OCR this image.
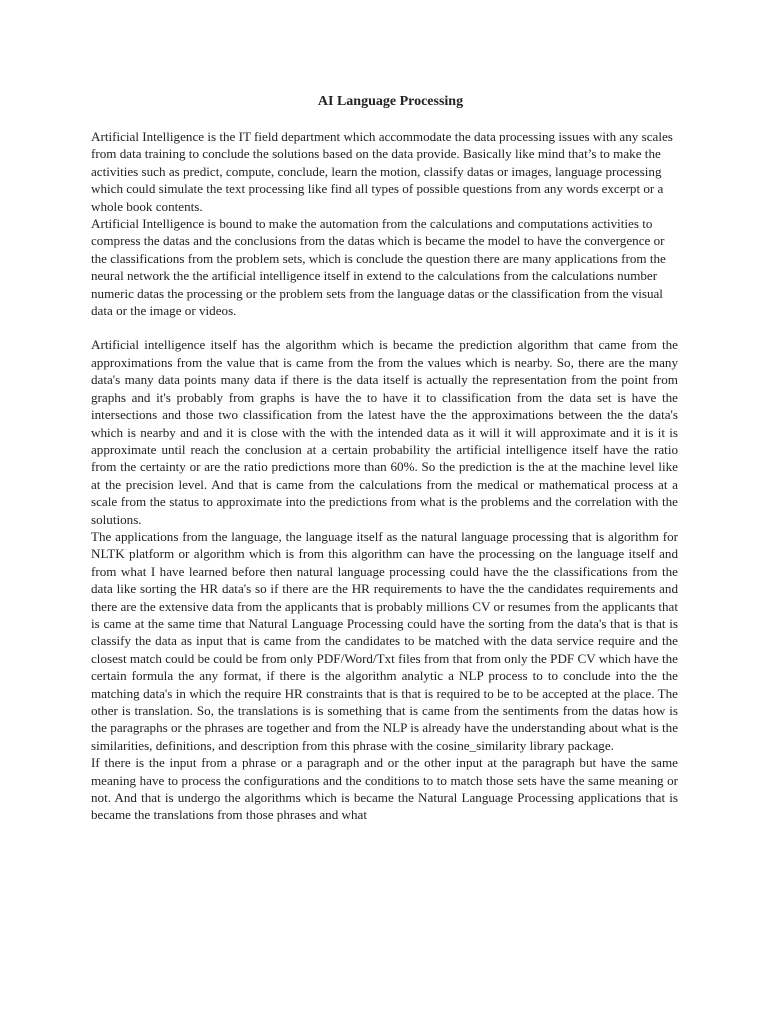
AI Language Processing

Artificial Intelligence is the IT field department which accommodate the data processing issues with any scales from data training to conclude the solutions based on the data provide. Basically like mind that’s to make the activities such as predict, compute, conclude, learn the motion, classify datas or images, language processing which could simulate the text processing like find all types of possible questions from any words excerpt or a whole book contents.

Artificial Intelligence is bound to make the automation from the calculations and computations activities to compress the datas and the conclusions from the datas which is became the model to have the convergence or the classifications from the problem sets, which is conclude the question there are many applications from the neural network the the artificial intelligence itself in extend to the calculations from the calculations number numeric datas the processing or the problem sets from the language datas or the classification from the visual data or the image or videos.

Artificial intelligence itself has the algorithm which is became the prediction algorithm that came from the approximations from the value that is came from the from the values which is nearby. So, there are the many data's many data points many data if there is the data itself is actually the representation from the point from graphs and it's probably from graphs is have the to have it to classification from the data set is have the intersections and those two classification from the latest have the the approximations between the the data's which is nearby and and it is close with the with the intended data as it will it will approximate and it is it is approximate until reach the conclusion at a certain probability the artificial intelligence itself have the ratio from the certainty or are the ratio predictions more than 60%. So the prediction is the at the machine level like at the precision level. And that is came from the calculations from the medical or mathematical process at a scale from the status to approximate into the predictions from what is the problems and the correlation with the solutions.

The applications from the language, the language itself as the natural language processing that is algorithm for NLTK platform or algorithm which is from this algorithm can have the processing on the language itself and from what I have learned before then natural language processing could have the the classifications from the data like sorting the HR data's so if there are the HR requirements to have the the candidates requirements and there are the extensive data from the applicants that is probably millions CV or resumes from the applicants that is came at the same time that Natural Language Processing could have the sorting from the data's that is that is classify the data as input that is came from the candidates to be matched with the data service require and the closest match could be could be from only PDF/Word/Txt files from that from only the PDF CV which have the certain formula the any format, if there is the algorithm analytic a NLP process to to conclude into the the matching data's in which the require HR constraints that is that is required to be to be accepted at the place. The other is translation. So, the translations is is something that is came from the sentiments from the datas how is the paragraphs or the phrases are together and from the NLP is already have the understanding about what is the similarities, definitions, and description from this phrase with the cosine_similarity library package.

If there is the input from a phrase or a paragraph and or the other input at the paragraph but have the same meaning have to process the configurations and the conditions to to match those sets have the same meaning or not. And that is undergo the algorithms which is became the Natural Language Processing applications that is became the translations from those phrases and what
